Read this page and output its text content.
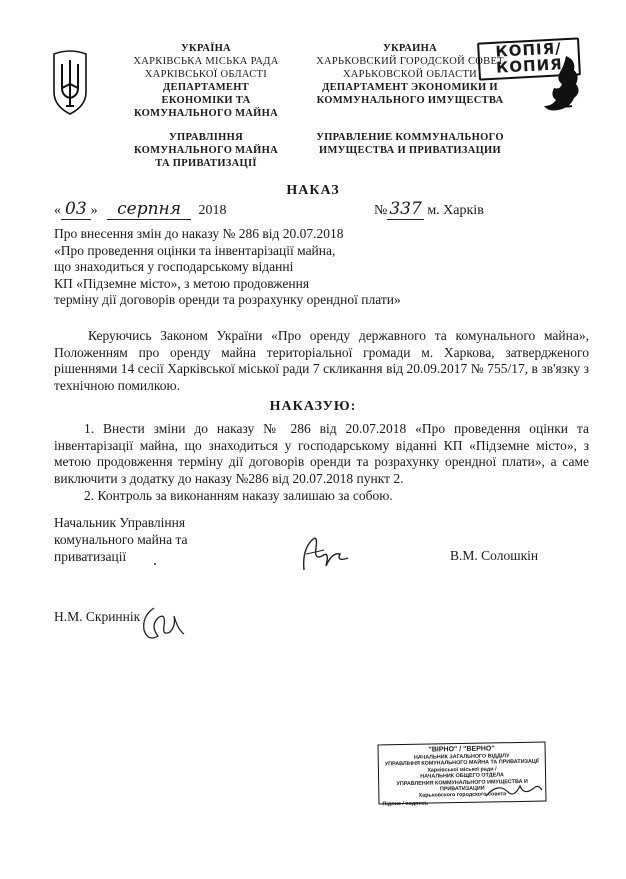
УКРАЇНА
ХАРКІВСЬКА МІСЬКА РАДА
ХАРКІВСЬКОЇ ОБЛАСТІ
ДЕПАРТАМЕНТ
ЕКОНОМІКИ ТА
КОМУНАЛЬНОГО МАЙНА
УПРАВЛІННЯ
КОМУНАЛЬНОГО МАЙНА
ТА ПРИВАТИЗАЦІЇ
УКРАИНА
ХАРЬКОВСКИЙ ГОРОДСКОЙ СОВЕТ
ХАРЬКОВСКОЙ ОБЛАСТИ
ДЕПАРТАМЕНТ ЭКОНОМИКИ И
КОММУНАЛЬНОГО ИМУЩЕСТВА
УПРАВЛЕНИЕ КОММУНАЛЬНОГО
ИМУЩЕСТВА И ПРИВАТИЗАЦИИ
КОПІЯ/
КОПИЯ
НАКАЗ
« 03 » серпня 2018	№ 337 м. Харків
Про внесення змін до наказу № 286 від 20.07.2018
«Про проведення оцінки та інвентарізації майна,
що знаходиться у господарському віданні
КП «Підземне місто», з метою продовження
терміну дії договорів оренди та розрахунку орендної плати»
Керуючись Законом України «Про оренду державного та комунального майна», Положенням про оренду майна територіальної громади м. Харкова, затвердженого рішеннями 14 сесії Харківської міської ради 7 скликання від 20.09.2017 № 755/17, в зв'язку з технічною помилкою.
НАКАЗУЮ:
1. Внести зміни до наказу № 286 від 20.07.2018 «Про проведення оцінки та інвентарізації майна, що знаходиться у господарському віданні КП «Підземне місто», з метою продовження терміну дії договорів оренди та розрахунку орендної плати», а саме виключити з додатку до наказу №286 від 20.07.2018 пункт 2.
2. Контроль за виконанням наказу залишаю за собою.
Начальник Управління
комунального майна та
приватизації	В.М. Солошкін
Н.М. Скриннік
"ВІРНО" / "ВЕРНО"
НАЧАЛЬНИК ЗАГАЛЬНОГО ВІДДІЛУ
УПРАВЛІННЯ КОМУНАЛЬНОГО МАЙНА ТА ПРИВАТИЗАЦІЇ
Харківської міської ради /
НАЧАЛЬНИК ОБЩЕГО ОТДЕЛА
УПРАВЛЕНИЯ КОММУНАЛЬНОГО ИМУЩЕСТВА И ПРИВАТИЗАЦИИ
Харьковского городского совета
Підпис / подпись
